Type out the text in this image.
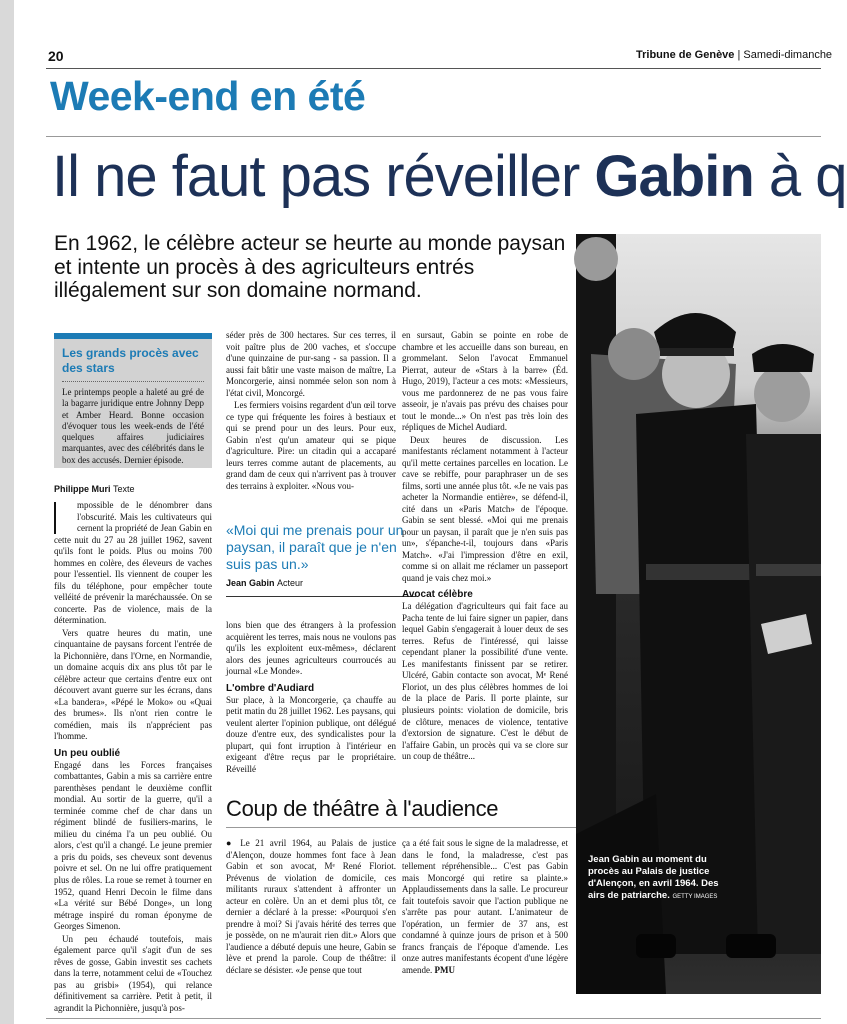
20	Tribune de Genève | Samedi-dimanche
Week-end en été
Il ne faut pas réveiller Gabin à q
En 1962, le célèbre acteur se heurte au monde paysan et intente un procès à des agriculteurs entrés illégalement sur son domaine normand.
Les grands procès avec des stars
Le printemps people a haleté au gré de la bagarre juridique entre Johnny Depp et Amber Heard. Bonne occasion d'évoquer tous les week-ends de l'été quelques affaires judiciaires marquantes, avec des célébrités dans le box des accusés. Dernier épisode.
Philippe Muri Texte

mpossible de le dénombrer dans l'obscurité. Mais les cultivateurs qui cernent la propriété de Jean Gabin en cette nuit du 27 au 28 juillet 1962, savent qu'ils font le poids. Plus ou moins 700 hommes en colère, des éleveurs de vaches pour l'essentiel. Ils viennent de couper les fils du téléphone, pour empêcher toute velléité de prévenir la maréchaussée. On se concerte. Pas de violence, mais de la détermination.

Vers quatre heures du matin, une cinquantaine de paysans forcent l'entrée de la Pichonnière, dans l'Orne, en Normandie, un domaine acquis dix ans plus tôt par le célèbre acteur que certains d'entre eux ont découvert avant guerre sur les écrans, dans «La bandera», «Pépé le Moko» ou «Quai des brumes». Ils n'ont rien contre le comédien, mais ils n'apprécient pas l'homme.

Un peu oublié

Engagé dans les Forces françaises combattantes, Gabin a mis sa carrière entre parenthèses pendant le deuxième conflit mondial. Au sortir de la guerre, qu'il a terminée comme chef de char dans un régiment blindé de fusiliers-marins, le milieu du cinéma l'a un peu oublié. Ou alors, c'est qu'il a changé. Le jeune premier a pris du poids, ses cheveux sont devenus poivre et sel. On ne lui offre pratiquement plus de rôles. La roue se remet à tourner en 1952, quand Henri Decoin le filme dans «La vérité sur Bébé Donge», un long métrage inspiré du roman éponyme de Georges Simenon.

Un peu échaudé toutefois, mais également parce qu'il s'agit d'un de ses rêves de gosse, Gabin investit ses cachets dans la terre, notamment celui de «Touchez pas au grisbi» (1954), qui relance définitivement sa carrière. Petit à petit, il agrandit la Pichonnière, jusqu'à pos-

séder près de 300 hectares. Sur ces terres, il voit paître plus de 200 vaches, et s'occupe d'une quinzaine de pur-sang - sa passion. Il a aussi fait bâtir une vaste maison de maître, La Moncorgerie, ainsi nommée selon son nom à l'état civil, Moncorgé.

Les fermiers voisins regardent d'un œil torve ce type qui fréquente les foires à bestiaux et qui se prend pour un des leurs. Pour eux, Gabin n'est qu'un amateur qui se pique d'agriculture. Pire: un citadin qui a accaparé leurs terres comme autant de placements, au grand dam de ceux qui n'arrivent pas à trouver des terrains à exploiter. «Nous vou-

«Moi qui me prenais pour un paysan, il paraît que je n'en suis pas un.»
Jean Gabin Acteur

lons bien que des étrangers à la profession acquièrent les terres, mais nous ne voulons pas qu'ils les exploitent eux-mêmes», déclarent alors des jeunes agriculteurs courroucés au journal «Le Monde».

L'ombre d'Audiard

Sur place, à la Moncorgerie, ça chauffe au petit matin du 28 juillet 1962. Les paysans, qui veulent alerter l'opinion publique, ont délégué douze d'entre eux, des syndicalistes pour la plupart, qui font irruption à l'intérieur en exigeant d'être reçus par le propriétaire. Réveillé

en sursaut, Gabin se pointe en robe de chambre et les accueille dans son bureau, en grommelant. Selon l'avocat Emmanuel Pierrat, auteur de «Stars à la barre» (Éd. Hugo, 2019), l'acteur a ces mots: «Messieurs, vous me pardonnerez de ne pas vous faire asseoir, je n'avais pas prévu des chaises pour tout le monde...» On n'est pas très loin des répliques de Michel Audiard.

Deux heures de discussion. Les manifestants réclament notamment à l'acteur qu'il mette certaines parcelles en location. Le cave se rebiffe, pour paraphraser un de ses films, sorti une année plus tôt. «Je ne vais pas acheter la Normandie entière», se défend-il, cité dans un «Paris Match» de l'époque. Gabin se sent blessé. «Moi qui me prenais pour un paysan, il paraît que je n'en suis pas un», s'épanche-t-il, toujours dans «Paris Match». «J'ai l'impression d'être en exil, comme si on allait me réclamer un passeport quand je vais chez moi.»

Avocat célèbre

La délégation d'agriculteurs qui fait face au Pacha tente de lui faire signer un papier, dans lequel Gabin s'engagerait à louer deux de ses terres. Refus de l'intéressé, qui laisse cependant planer la possibilité d'une vente. Les manifestants finissent par se retirer. Ulcéré, Gabin contacte son avocat, Mᵉ René Floriot, un des plus célèbres hommes de loi de la place de Paris. Il porte plainte, sur plusieurs points: violation de domicile, bris de clôture, menaces de violence, tentative d'extorsion de signature. C'est le début de l'affaire Gabin, un procès qui va se clore sur un coup de théâtre...

Coup de théâtre à l'audience

● Le 21 avril 1964, au Palais de justice d'Alençon, douze hommes font face à Jean Gabin et son avocat, Mᵉ René Floriot. Prévenus de violation de domicile, ces militants ruraux s'attendent à affronter un acteur en colère. Un an et demi plus tôt, ce dernier a déclaré à la presse: «Pourquoi s'en prendre à moi? Si j'avais hérité des terres que je possède, on ne m'aurait rien dit.» Alors que l'audience a débuté depuis une heure, Gabin se lève et prend la parole. Coup de théâtre: il déclare se désister. «Je pense que tout

ça a été fait sous le signe de la maladresse, et dans le fond, la maladresse, c'est pas tellement répréhensible... C'est pas Gabin mais Moncorgé qui retire sa plainte.» Applaudissements dans la salle. Le procureur fait toutefois savoir que l'action publique ne s'arrête pas pour autant. L'animateur de l'opération, un fermier de 37 ans, est condamné à quinze jours de prison et à 500 francs français de l'époque d'amende. Les onze autres manifestants écopent d'une légère amende. PMU

Jean Gabin au moment du procès au Palais de justice d'Alençon, en avril 1964. Des airs de patriarche. GETTY IMAGES
